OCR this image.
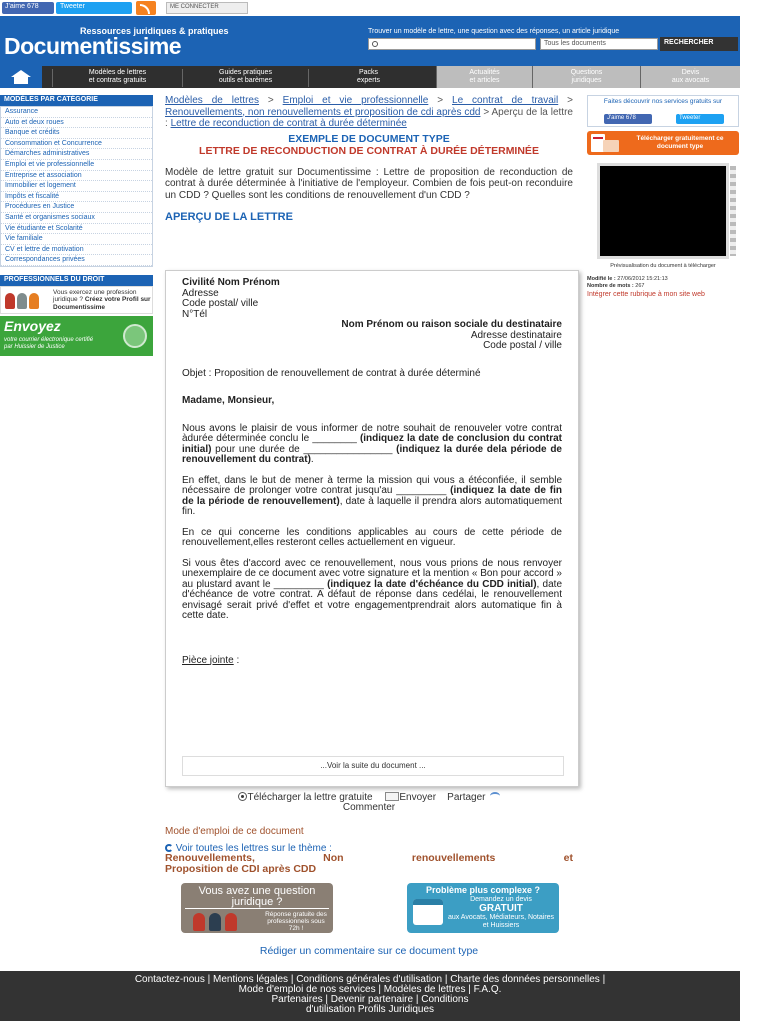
J'aime 678	Tweeter	ME CONNECTER
Ressources juridiques & pratiques
Documentissime
Trouver un modèle de lettre, une question avec des réponses, un article juridique
Tous les documents	RECHERCHER
Modèles de lettres
et contrats gratuits
Guides pratiques
outils et barèmes
Packs
experts
Actualités
et articles
Questions
juridiques
Devis
aux avocats
MODÈLES PAR CATÉGORIE
Assurance
Auto et deux roues
Banque et crédits
Consommation et Concurrence
Démarches administratives
Emploi et vie professionnelle
Entreprise et association
Immobilier et logement
Impôts et fiscalité
Procédures en Justice
Santé et organismes sociaux
Vie étudiante et Scolarité
Vie familiale
CV et lettre de motivation
Correspondances privées
PROFESSIONNELS DU DROIT
Vous exercez une profession juridique ? Créez votre Profil sur Documentissime
Envoyez
votre courrier électronique certifié par Huissier de Justice
Modèles de lettres > Emploi et vie professionnelle > Le contrat de travail > Renouvellements, non renouvellements et proposition de cdi après cdd > Aperçu de la lettre : Lettre de reconduction de contrat à durée déterminée
EXEMPLE DE DOCUMENT TYPE
LETTRE DE RECONDUCTION DE CONTRAT À DURÉE DÉTERMINÉE
Modèle de lettre gratuit sur Documentissime : Lettre de proposition de reconduction de contrat à durée déterminée à l'initiative de l'employeur. Combien de fois peut-on reconduire un CDD ? Quelles sont les conditions de renouvellement d'un CDD ?
APERÇU DE LA LETTRE

Civilité Nom Prénom

Adresse

Code postal/ ville

N°Tél

Nom Prénom ou raison sociale du destinataire

Adresse destinataire

Code postal / ville

Objet : Proposition de renouvellement de contrat à durée déterminé

Madame, Monsieur,

Nous avons le plaisir de vous informer de notre souhait de renouveler votre contrat àdurée déterminée conclu le ________ (indiquez la date de conclusion du contrat initial) pour une durée de ________________ (indiquez la durée dela période de renouvellement du contrat).

En effet, dans le but de mener à terme la mission qui vous a étéconfiée, il semble nécessaire de prolonger votre contrat jusqu'au _________ (indiquez la date de fin de la période de renouvellement), date à laquelle il prendra alors automatiquement fin.

En ce qui concerne les conditions applicables au cours de cette période de renouvellement,elles resteront celles actuellement en vigueur.

Si vous êtes d'accord avec ce renouvellement, nous vous prions de nous renvoyer unexemplaire de ce document avec votre signature et la mention « Bon pour accord » au plustard avant le _________ (indiquez la date d'échéance du CDD initial), date d'échéance de votre contrat. A défaut de réponse dans cedélai, le renouvellement envisagé serait privé d'effet et votre engagementprendrait alors automatique fin à cette date.

Pièce jointe :

...Voir la suite du document ...
Télécharger la lettre gratuite	Envoyer Partager
Commenter
Mode d'emploi de ce document
Voir toutes les lettres sur le thème :
Renouvellements, Non renouvellements et
Proposition de CDI après CDD
Vous avez une question juridique ?
Réponse gratuite des professionnels sous 72h !
Problème plus complexe ?
Demandez un devis
GRATUIT
aux Avocats, Médiateurs, Notaires et Huissiers
Rédiger un commentaire sur ce document type
Faites découvrir nos services gratuits sur
J'aime 678	Tweeter
Télécharger gratuitement ce document type
Prévisualisation du document à télécharger
Modifié le : 27/06/2012 15:21:13
Nombre de mots : 267
Intégrer cette rubrique à mon site web
Contactez-nous | Mentions légales | Conditions générales d'utilisation | Charte des données personnelles |
Mode d'emploi de nos services | Modèles de lettres | F.A.Q.
Partenaires | Devenir partenaire | Conditions
d'utilisation Profils Juridiques
